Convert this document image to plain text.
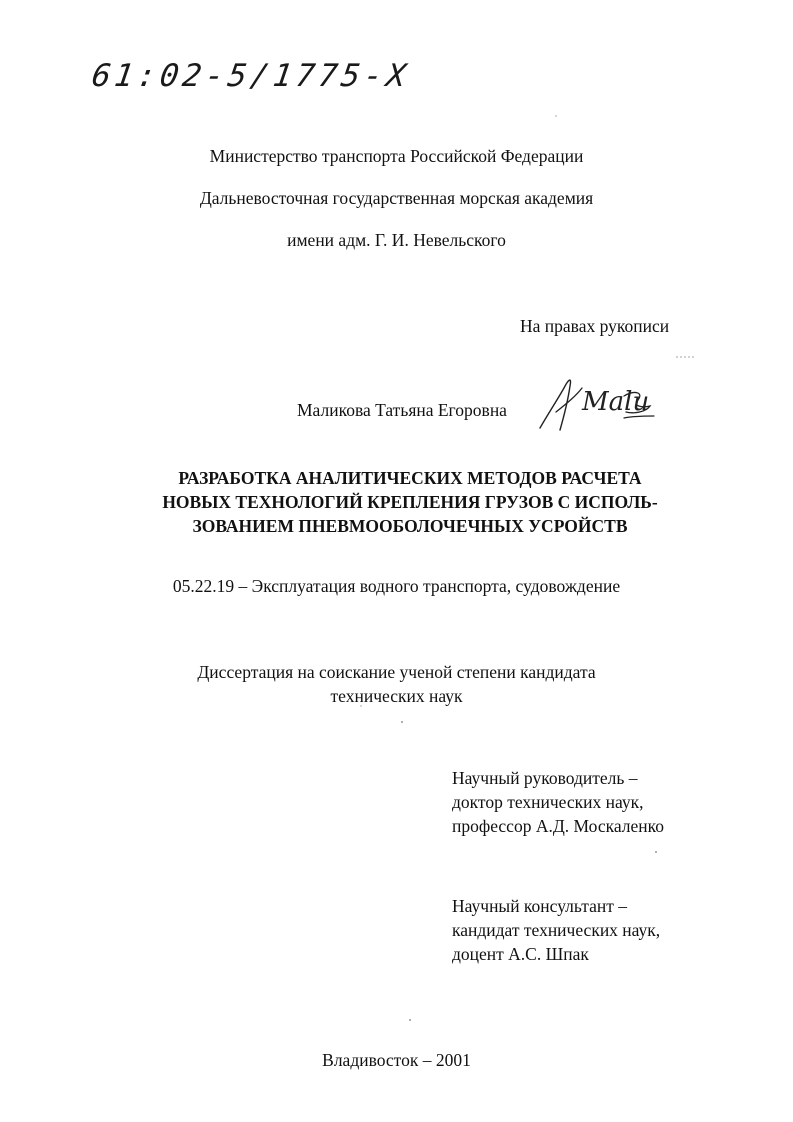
61:02-5/1775-X
Министерство транспорта Российской Федерации
Дальневосточная государственная морская академия
имени адм. Г. И. Невельского
На правах рукописи
Маликова Татьяна Егоровна	Malu
РАЗРАБОТКА АНАЛИТИЧЕСКИХ МЕТОДОВ РАСЧЕТА
НОВЫХ ТЕХНОЛОГИЙ КРЕПЛЕНИЯ ГРУЗОВ С ИСПОЛЬ-
ЗОВАНИЕМ ПНЕВМООБОЛОЧЕЧНЫХ УСРОЙСТВ
05.22.19 – Эксплуатация водного транспорта, судовождение
Диссертация на соискание ученой степени кандидата
технических наук
Научный руководитель –
доктор технических наук,
профессор А.Д. Москаленко
Научный консультант –
кандидат технических наук,
доцент А.С. Шпак
Владивосток – 2001
